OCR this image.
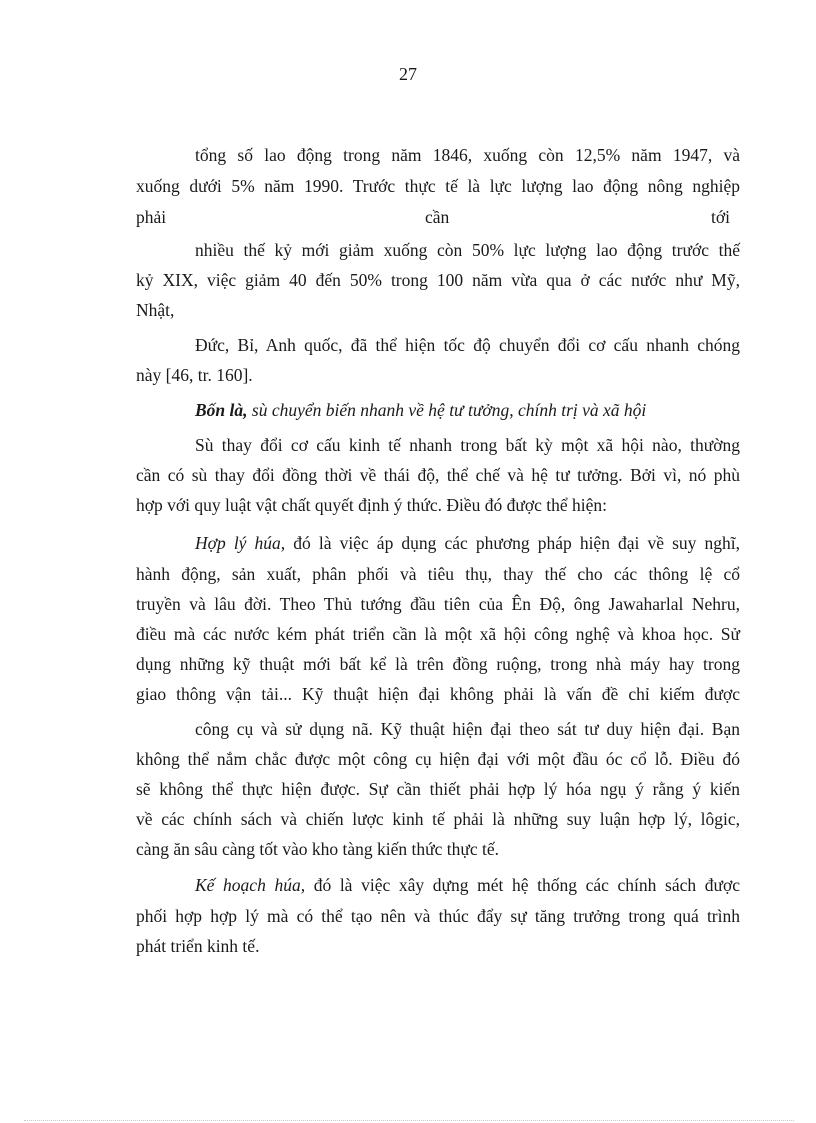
27
tổng số lao động trong năm 1846, xuống còn 12,5% năm 1947, và
xuống dưới 5% năm 1990. Trước thực tế là lực lượng lao động nông nghiệp
phải	cần	tới
nhiều thế kỷ mới giảm xuống còn 50% lực lượng lao động trước thế
kỷ XIX, việc giảm 40 đến 50% trong 100 năm vừa qua ở các nước như Mỹ,
Nhật,
Đức, Bỉ, Anh quốc, đã thể hiện tốc độ chuyển đổi cơ cấu nhanh chóng
này [46, tr. 160].
Bốn là, sù chuyển biến nhanh về hệ tư tưởng, chính trị và xã hội
Sù thay đổi cơ cấu kinh tế nhanh trong bất kỳ một xã hội nào, thường
cần có sù thay đổi đồng thời về thái độ, thể chế và hệ tư tưởng. Bởi vì, nó phù
hợp với quy luật vật chất quyết định ý thức. Điều đó được thể hiện:
Hợp lý húa, đó là việc áp dụng các phương pháp hiện đại về suy nghĩ,
hành động, sản xuất, phân phối và tiêu thụ, thay thế cho các thông lệ cổ
truyền và lâu đời. Theo Thủ tướng đầu tiên của Ên Độ, ông Jawaharlal Nehru,
điều mà các nước kém phát triển cần là một xã hội công nghệ và khoa học. Sử
dụng những kỹ thuật mới bất kể là trên đồng ruộng, trong nhà máy hay trong
giao thông vận tải... Kỹ thuật hiện đại không phải là vấn đề chỉ kiếm được
công cụ và sử dụng nã. Kỹ thuật hiện đại theo sát tư duy hiện đại. Bạn
không thể nắm chắc được một công cụ hiện đại với một đầu óc cổ lỗ. Điều đó
sẽ không thể thực hiện được. Sự cần thiết phải hợp lý hóa ngụ ý rằng ý kiến
về các chính sách và chiến lược kinh tế phải là những suy luận hợp lý, lôgic,
càng ăn sâu càng tốt vào kho tàng kiến thức thực tế.
Kế hoạch húa, đó là việc xây dựng mét hệ thống các chính sách được
phối hợp hợp lý mà có thể tạo nên và thúc đẩy sự tăng trưởng trong quá trình
phát triển kinh tế.
